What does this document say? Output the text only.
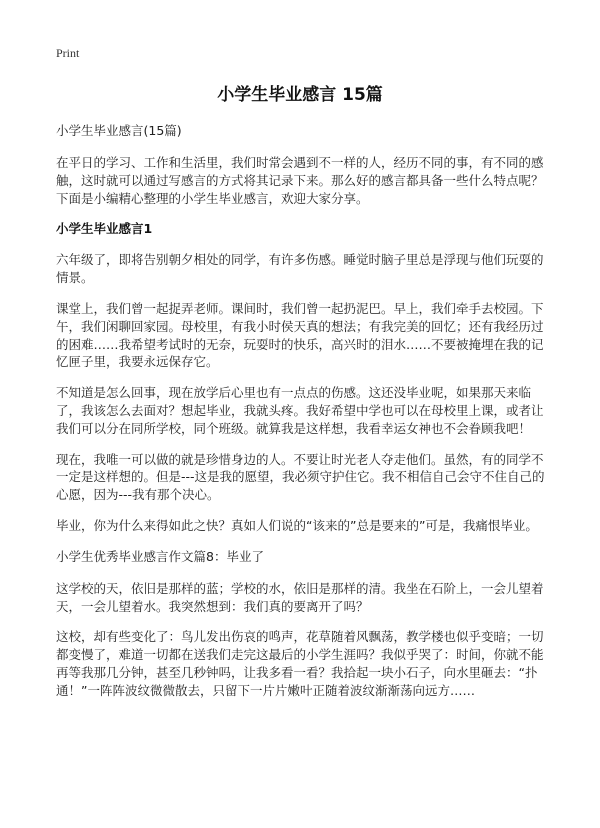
Print
小学生毕业感言 15篇

小学生毕业感言(15篇)

在平日的学习、工作和生活里，我们时常会遇到不一样的人，经历不同的事，有不同的感触，这时就可以通过写感言的方式将其记录下来。那么好的感言都具备一些什么特点呢？下面是小编精心整理的小学生毕业感言，欢迎大家分享。

小学生毕业感言1

六年级了，即将告别朝夕相处的同学，有许多伤感。睡觉时脑子里总是浮现与他们玩耍的情景。

课堂上，我们曾一起捉弄老师。课间时，我们曾一起扔泥巴。早上，我们牵手去校园。下午，我们闲聊回家园。母校里，有我小时侯天真的想法；有我完美的回忆；还有我经历过的困难……我希望考试时的无奈，玩耍时的快乐，高兴时的泪水……不要被掩埋在我的记忆匣子里，我要永远保存它。

不知道是怎么回事，现在放学后心里也有一点点的伤感。这还没毕业呢，如果那天来临了，我该怎么去面对？想起毕业，我就头疼。我好希望中学也可以在母校里上课，或者让我们可以分在同所学校，同个班级。就算我是这样想，我看幸运女神也不会眷顾我吧！

现在，我唯一可以做的就是珍惜身边的人。不要让时光老人夺走他们。虽然，有的同学不一定是这样想的。但是---这是我的愿望，我必须守护住它。我不相信自己会守不住自己的心愿，因为---我有那个决心。

毕业，你为什么来得如此之快？真如人们说的“该来的”总是要来的”可是，我痛恨毕业。

小学生优秀毕业感言作文篇8：毕业了

这学校的天，依旧是那样的蓝；学校的水，依旧是那样的清。我坐在石阶上，一会儿望着天，一会儿望着水。我突然想到：我们真的要离开了吗？

这校，却有些变化了：鸟儿发出伤哀的鸣声，花草随着风飘荡，教学楼也似乎变暗；一切都变慢了，难道一切都在送我们走完这最后的小学生涯吗？我似乎哭了：时间，你就不能再等我那几分钟，甚至几秒钟吗，让我多看一看？我拾起一块小石子，向水里砸去：“扑通！”一阵阵波纹微微散去，只留下一片片嫩叶正随着波纹渐渐荡向远方……
